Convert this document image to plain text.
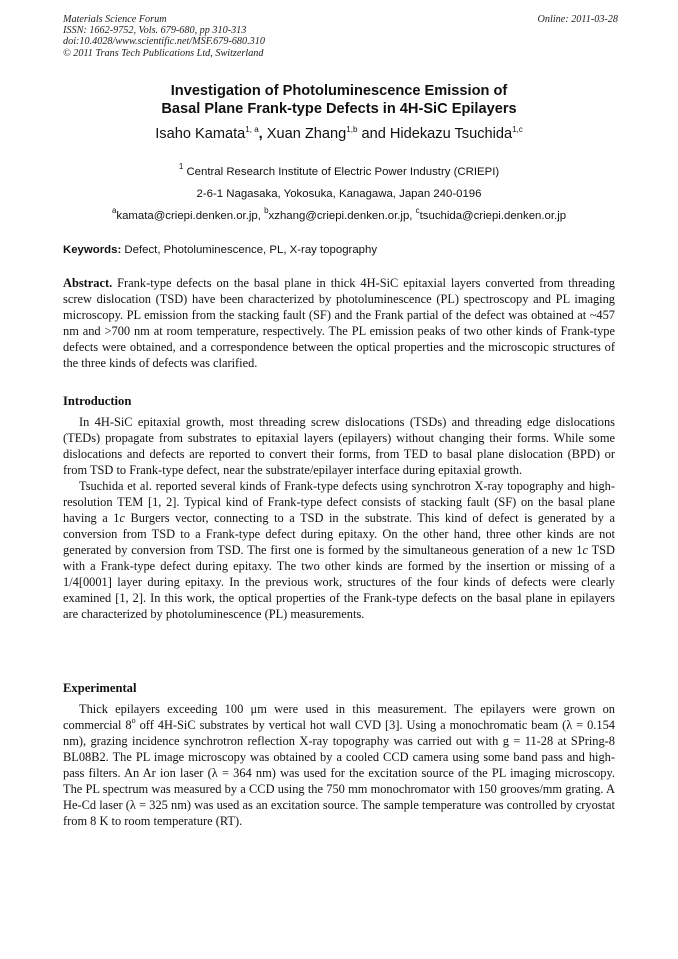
Materials Science Forum
ISSN: 1662-9752, Vols. 679-680, pp 310-313
doi:10.4028/www.scientific.net/MSF.679-680.310
© 2011 Trans Tech Publications Ltd, Switzerland
Online: 2011-03-28
Investigation of Photoluminescence Emission of
Basal Plane Frank-type Defects in 4H-SiC Epilayers
Isaho Kamata$^{1, a}$, Xuan Zhang$^{1,b}$ and Hidekazu Tsuchida$^{1,c}$
$^1$ Central Research Institute of Electric Power Industry (CRIEPI)
2-6-1 Nagasaka, Yokosuka, Kanagawa, Japan 240-0196
$^a$kamata@criepi.denken.or.jp, $^b$xzhang@criepi.denken.or.jp, $^c$tsuchida@criepi.denken.or.jp
Keywords: Defect, Photoluminescence, PL, X-ray topography

Abstract. Frank-type defects on the basal plane in thick 4H-SiC epitaxial layers converted from threading screw dislocation (TSD) have been characterized by photoluminescence (PL) spectroscopy and PL imaging microscopy. PL emission from the stacking fault (SF) and the Frank partial of the defect was obtained at ~457 nm and >700 nm at room temperature, respectively. The PL emission peaks of two other kinds of Frank-type defects were obtained, and a correspondence between the optical properties and the microscopic structures of the three kinds of defects was clarified.

Introduction

In 4H-SiC epitaxial growth, most threading screw dislocations (TSDs) and threading edge dislocations (TEDs) propagate from substrates to epitaxial layers (epilayers) without changing their forms. While some dislocations and defects are reported to convert their forms, from TED to basal plane dislocation (BPD) or from TSD to Frank-type defect, near the substrate/epilayer interface during epitaxial growth.

Tsuchida et al. reported several kinds of Frank-type defects using synchrotron X-ray topography and high-resolution TEM [1, 2]. Typical kind of Frank-type defect consists of stacking fault (SF) on the basal plane having a 1c Burgers vector, connecting to a TSD in the substrate. This kind of defect is generated by a conversion from TSD to a Frank-type defect during epitaxy. On the other hand, three other kinds are not generated by conversion from TSD. The first one is formed by the simultaneous generation of a new 1c TSD with a Frank-type defect during epitaxy. The two other kinds are formed by the insertion or missing of a 1/4[0001] layer during epitaxy. In the previous work, structures of the four kinds of defects were clearly examined [1, 2]. In this work, the optical properties of the Frank-type defects on the basal plane in epilayers are characterized by photoluminescence (PL) measurements.

Experimental

Thick epilayers exceeding 100 μm were used in this measurement. The epilayers were grown on commercial 8$^o$ off 4H-SiC substrates by vertical hot wall CVD [3]. Using a monochromatic beam (λ = 0.154 nm), grazing incidence synchrotron reflection X-ray topography was carried out with g = 11-28 at SPring-8 BL08B2. The PL image microscopy was obtained by a cooled CCD camera using some band pass and high-pass filters. An Ar ion laser (λ = 364 nm) was used for the excitation source of the PL imaging microscopy. The PL spectrum was measured by a CCD using the 750 mm monochromator with 150 grooves/mm grating. A He-Cd laser (λ = 325 nm) was used as an excitation source. The sample temperature was controlled by cryostat from 8 K to room temperature (RT).
